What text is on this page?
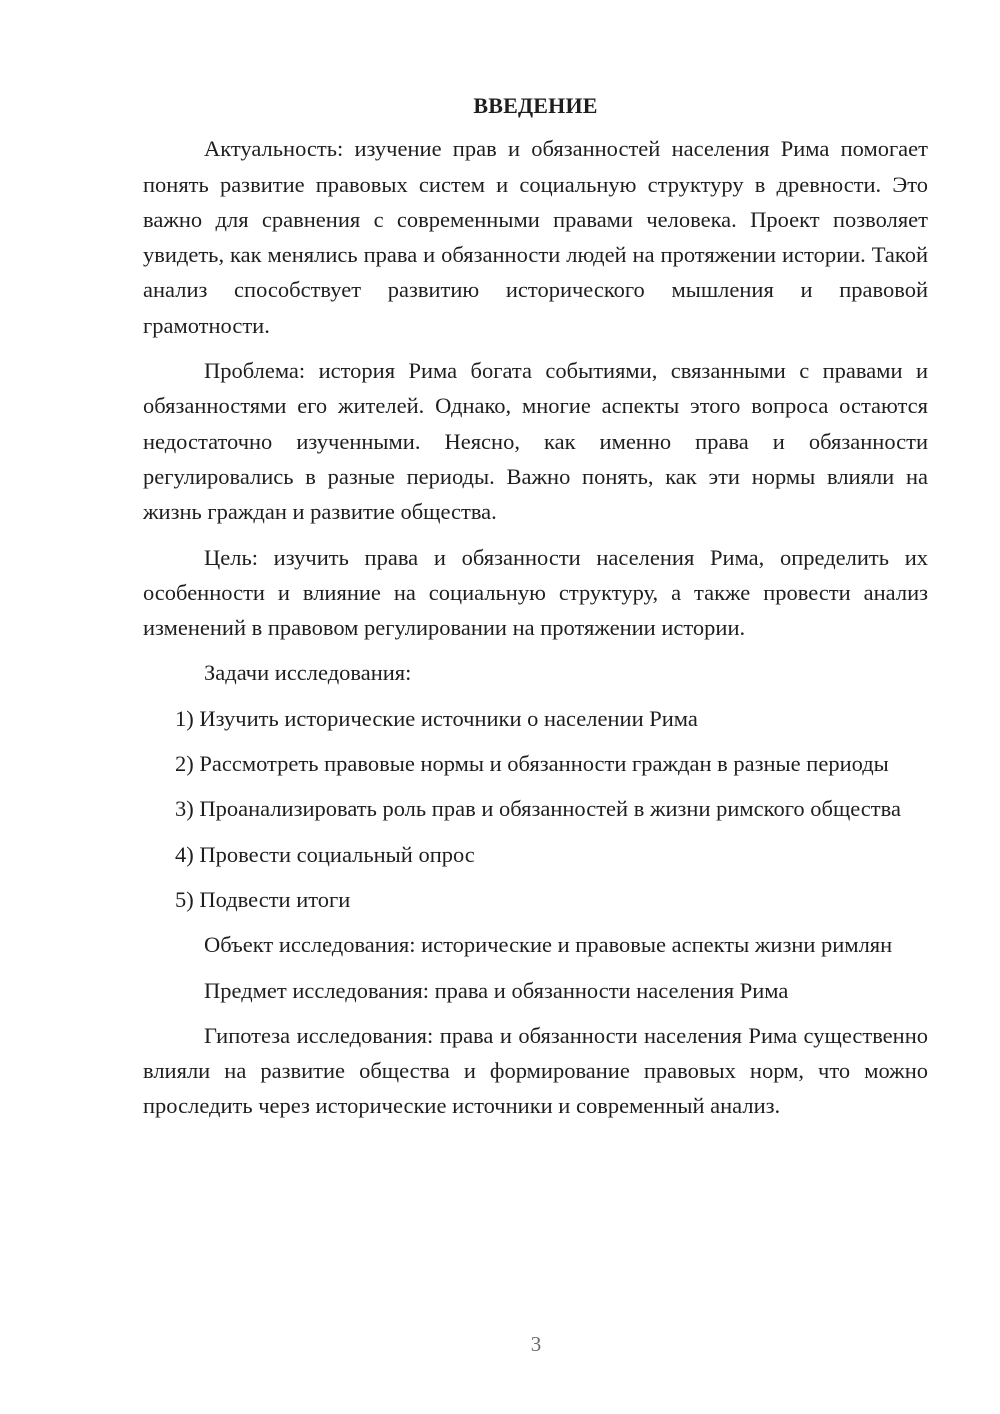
ВВЕДЕНИЕ

Актуальность: изучение прав и обязанностей населения Рима помогает понять развитие правовых систем и социальную структуру в древности. Это важно для сравнения с современными правами человека. Проект позволяет увидеть, как менялись права и обязанности людей на протяжении истории. Такой анализ способствует развитию исторического мышления и правовой грамотности.

Проблема: история Рима богата событиями, связанными с правами и обязанностями его жителей. Однако, многие аспекты этого вопроса остаются недостаточно изученными. Неясно, как именно права и обязанности регулировались в разные периоды. Важно понять, как эти нормы влияли на жизнь граждан и развитие общества.

Цель: изучить права и обязанности населения Рима, определить их особенности и влияние на социальную структуру, а также провести анализ изменений в правовом регулировании на протяжении истории.

Задачи исследования:

1) Изучить исторические источники о населении Рима

2) Рассмотреть правовые нормы и обязанности граждан в разные периоды

3) Проанализировать роль прав и обязанностей в жизни римского общества

4) Провести социальный опрос

5) Подвести итоги

Объект исследования: исторические и правовые аспекты жизни римлян

Предмет исследования: права и обязанности населения Рима

Гипотеза исследования: права и обязанности населения Рима существенно влияли на развитие общества и формирование правовых норм, что можно проследить через исторические источники и современный анализ.

3
